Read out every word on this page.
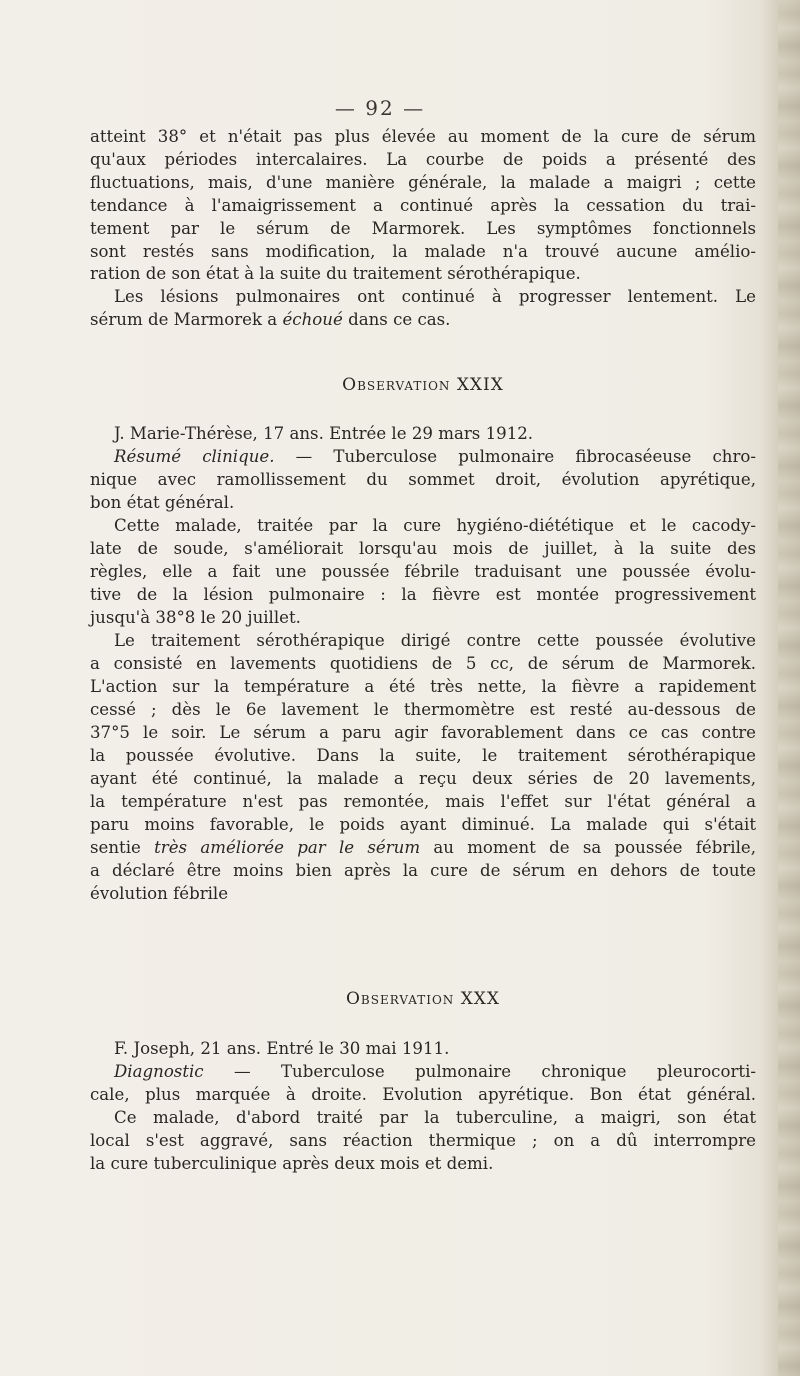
— 92 —
atteint 38° et n'était pas plus élevée au moment de la cure de sérum
qu'aux périodes intercalaires. La courbe de poids a présenté des
fluctuations, mais, d'une manière générale, la malade a maigri ; cette
tendance à l'amaigrissement a continué après la cessation du trai-
tement par le sérum de Marmorek. Les symptômes fonctionnels
sont restés sans modification, la malade n'a trouvé aucune amélio-
ration de son état à la suite du traitement sérothérapique.
Les lésions pulmonaires ont continué à progresser lentement. Le
sérum de Marmorek a échoué dans ce cas.

Observation XXIX

J. Marie-Thérèse, 17 ans. Entrée le 29 mars 1912.
Résumé clinique. — Tuberculose pulmonaire fibrocaséeuse chro-
nique avec ramollissement du sommet droit, évolution apyrétique,
bon état général.
Cette malade, traitée par la cure hygiéno-diététique et le cacody-
late de soude, s'améliorait lorsqu'au mois de juillet, à la suite des
règles, elle a fait une poussée fébrile traduisant une poussée évolu-
tive de la lésion pulmonaire : la fièvre est montée progressivement
jusqu'à 38°8 le 20 juillet.
Le traitement sérothérapique dirigé contre cette poussée évolutive
a consisté en lavements quotidiens de 5 cc, de sérum de Marmorek.
L'action sur la température a été très nette, la fièvre a rapidement
cessé ; dès le 6e lavement le thermomètre est resté au-dessous de
37°5 le soir. Le sérum a paru agir favorablement dans ce cas contre
la poussée évolutive. Dans la suite, le traitement sérothérapique
ayant été continué, la malade a reçu deux séries de 20 lavements,
la température n'est pas remontée, mais l'effet sur l'état général a
paru moins favorable, le poids ayant diminué. La malade qui s'était
sentie très améliorée par le sérum au moment de sa poussée fébrile,
a déclaré être moins bien après la cure de sérum en dehors de toute
évolution fébrile

Observation XXX

F. Joseph, 21 ans. Entré le 30 mai 1911.
Diagnostic — Tuberculose pulmonaire chronique pleurocorti-
cale, plus marquée à droite. Evolution apyrétique. Bon état général.
Ce malade, d'abord traité par la tuberculine, a maigri, son état
local s'est aggravé, sans réaction thermique ; on a dû interrompre
la cure tuberculinique après deux mois et demi.
